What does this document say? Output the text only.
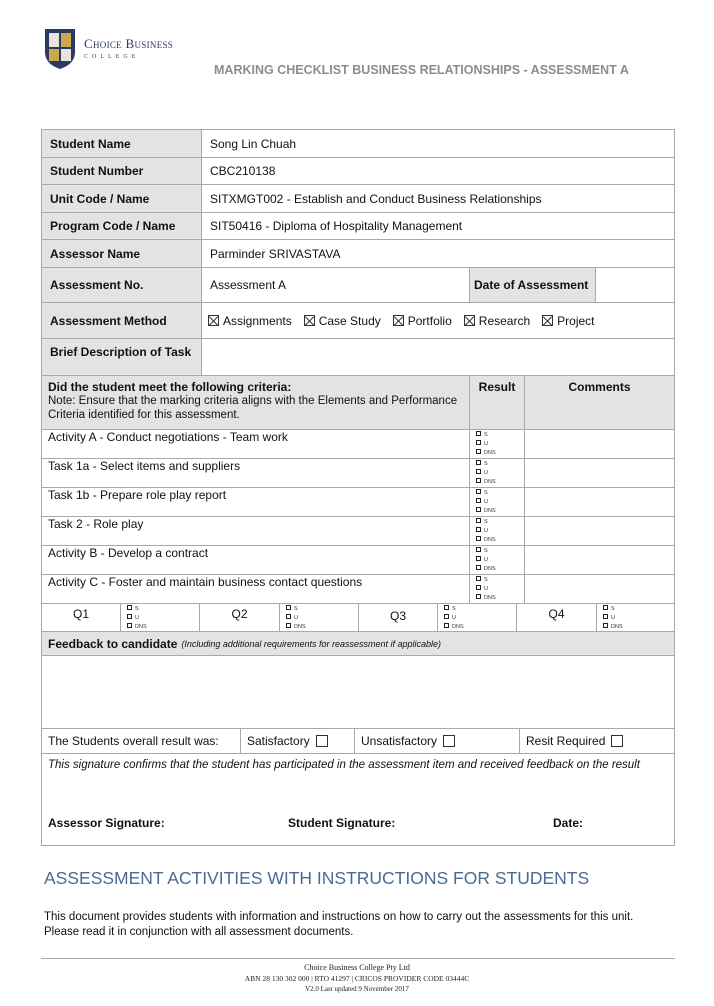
Choice Business
COLLEGE
MARKING CHECKLIST BUSINESS RELATIONSHIPS - ASSESSMENT A
Student Name	Song Lin Chuah
Student Number	CBC210138
Unit Code / Name	SITXMGT002 - Establish and Conduct Business Relationships
Program Code / Name	SIT50416 - Diploma of Hospitality Management
Assessor Name	Parminder SRIVASTAVA
Assessment No.	Assessment A	Date of Assessment
Assessment Method	Assignments	Case Study	Portfolio	Research	Project
Brief Description of Task
Did the student meet the following criteria:
Note: Ensure that the marking criteria aligns with the Elements and Performance Criteria identified for this assessment.
Result	Comments
Activity A - Conduct negotiations - Team work	S
U
DNS
Task 1a - Select items and suppliers	S
U
DNS
Task 1b - Prepare role play report	S
U
DNS
Task 2 - Role play	S
U
DNS
Activity B - Develop a contract	S
U
DNS
Activity C - Foster and maintain business contact questions	S
U
DNS
Q1	S
U
DNS
Q2	S
U
DNS
Q3	S
U
DNS
Q4	S
U
DNS
Feedback to candidate (Including additional requirements for reassessment if applicable)
The Students overall result was:	Satisfactory	Unsatisfactory	Resit Required
This signature confirms that the student has participated in the assessment item and received feedback on the result
Assessor Signature:	Student Signature:	Date:
ASSESSMENT ACTIVITIES WITH INSTRUCTIONS FOR STUDENTS
This document provides students with information and instructions on how to carry out the assessments for this unit.
Please read it in conjunction with all assessment documents.
Choice Business College Pty Ltd
ABN 28 130 302 000 | RTO 41297 | CRICOS PROVIDER CODE 03444C
V2.0 Last updated 9 November 2017
